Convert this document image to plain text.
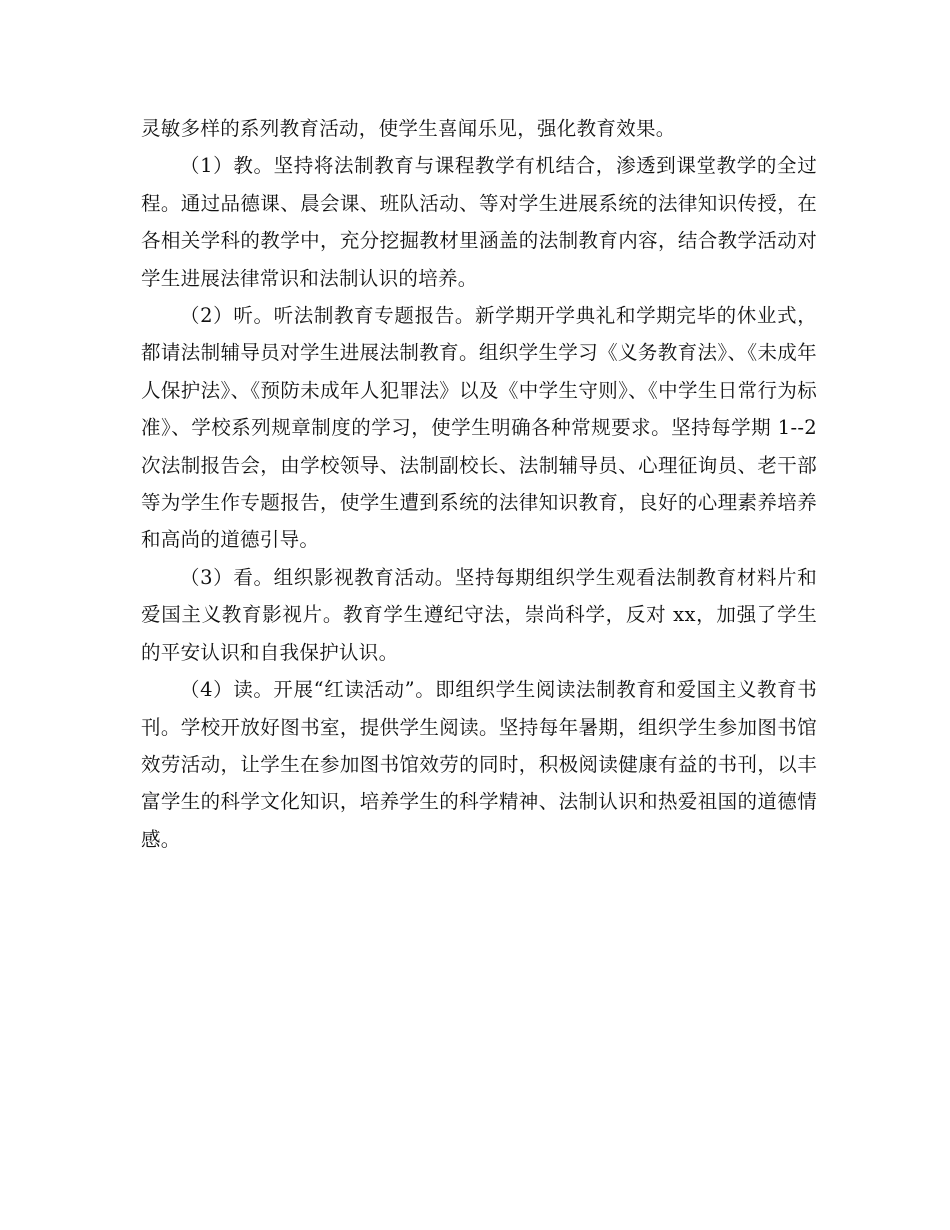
灵敏多样的系列教育活动，使学生喜闻乐见，强化教育效果。

（1）教。坚持将法制教育与课程教学有机结合，渗透到课堂教学的全过程。通过品德课、晨会课、班队活动、等对学生进展系统的法律知识传授，在各相关学科的教学中，充分挖掘教材里涵盖的法制教育内容，结合教学活动对学生进展法律常识和法制认识的培养。

（2）听。听法制教育专题报告。新学期开学典礼和学期完毕的休业式，都请法制辅导员对学生进展法制教育。组织学生学习《义务教育法》、《未成年人保护法》、《预防未成年人犯罪法》以及《中学生守则》、《中学生日常行为标准》、学校系列规章制度的学习，使学生明确各种常规要求。坚持每学期 1--2 次法制报告会，由学校领导、法制副校长、法制辅导员、心理征询员、老干部等为学生作专题报告，使学生遭到系统的法律知识教育，良好的心理素养培养和高尚的道德引导。

（3）看。组织影视教育活动。坚持每期组织学生观看法制教育材料片和爱国主义教育影视片。教育学生遵纪守法，崇尚科学，反对 xx，加强了学生的平安认识和自我保护认识。

（4）读。开展“红读活动”。即组织学生阅读法制教育和爱国主义教育书刊。学校开放好图书室，提供学生阅读。坚持每年暑期，组织学生参加图书馆效劳活动，让学生在参加图书馆效劳的同时，积极阅读健康有益的书刊，以丰富学生的科学文化知识，培养学生的科学精神、法制认识和热爱祖国的道德情感。
